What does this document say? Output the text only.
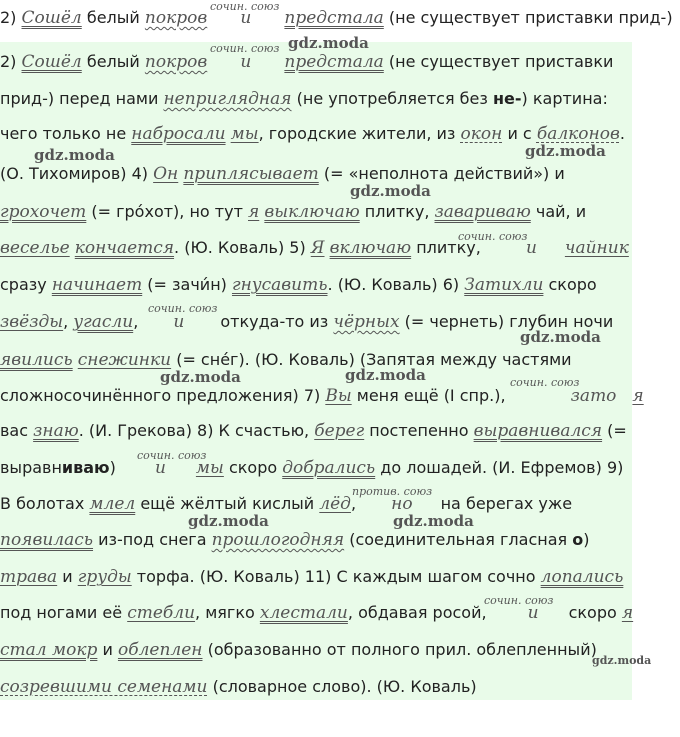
2) Сошёл белый покров и предстала (не существует приставки прид-)
сочин. союз
gdz.moda
сочин. союз
2) Сошёл белый покров и предстала (не существует приставки
прид-) перед нами неприглядная (не употребляется без не-) картина:
чего только не набросали мы, городские жители, из окон и с балконов.
gdz.moda	gdz.moda
(О. Тихомиров) 4) Он приплясывает (= «неполнота действий») и
gdz.moda
грохочет (= гро́хот), но тут я выключаю плитку, завариваю чай, и
сочин. союз
веселье кончается. (Ю. Коваль) 5) Я включаю плитку,	и чайник
сразу начинает (= зачи́н) гнусавить. (Ю. Коваль) 6) Затихли скоро
сочин. союз
звёзды, угасли, и откуда-то из чёрных (= чернеть) глубин ночи
gdz.moda
явились снежинки (= сне́г). (Ю. Коваль) (Запятая между частями
gdz.moda	gdz.moda	сочин. союз
сложносочинённого предложения) 7) Вы меня ещё (I спр.),	зато я
вас знаю. (И. Грекова) 8) К счастью, берег постепенно выравнивался (=
сочин. союз
выравниваю) и мы скоро добрались до лошадей. (И. Ефремов) 9)
против. союз
В болотах млел ещё жёлтый кислый лёд, но на берегах уже
gdz.moda	gdz.moda
появилась из-под снега прошлогодняя (соединительная гласная о)
трава и груды торфа. (Ю. Коваль) 11) С каждым шагом сочно лопались
сочин. союз
под ногами её стебли, мягко хлестали, обдавая росой, и скоро я
стал мокр и облеплен (образованно от полного прил. облепленный)
gdz.moda
созревшими семенами (словарное слово). (Ю. Коваль)
